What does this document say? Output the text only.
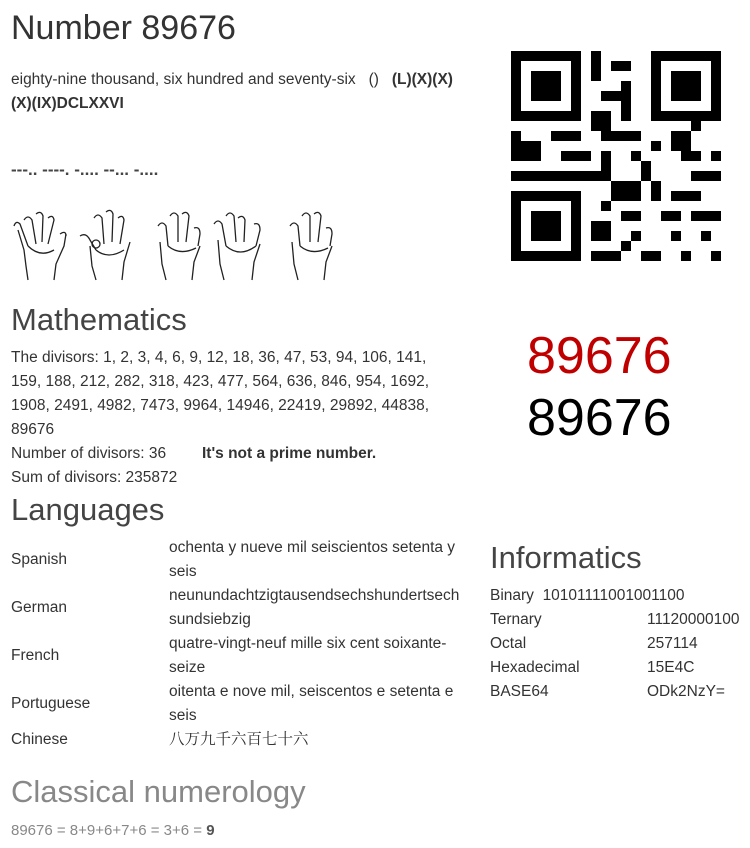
Number 89676
eighty-nine thousand, six hundred and seventy-six () (L)(X)(X)
(X)(IX)DCLXXVI
---.. ----. -.... --... -....
Mathematics
The divisors: 1, 2, 3, 4, 6, 9, 12, 18, 36, 47, 53, 94, 106, 141,
159, 188, 212, 282, 318, 423, 477, 564, 636, 846, 954, 1692,
1908, 2491, 4982, 7473, 9964, 14946, 22419, 29892, 44838,
89676
Number of divisors: 36 It's not a prime number.
Sum of divisors: 235872
89676
89676
Languages
Spanish
ochenta y nueve mil seiscientos setenta y
seis
German
neunundachtzigtausendsechshundertsech
sundsiebzig
French
quatre-vingt-neuf mille six cent soixante-
seize
Portuguese
oitenta e nove mil, seiscentos e setenta e
seis
Chinese	八万九千六百七十六
Informatics
Binary 10101111001001100
Ternary	11120000100
Octal	257114
Hexadecimal	15E4C
BASE64	ODk2NzY=
Classical numerology
89676 = 8+9+6+7+6 = 3+6 = 9
